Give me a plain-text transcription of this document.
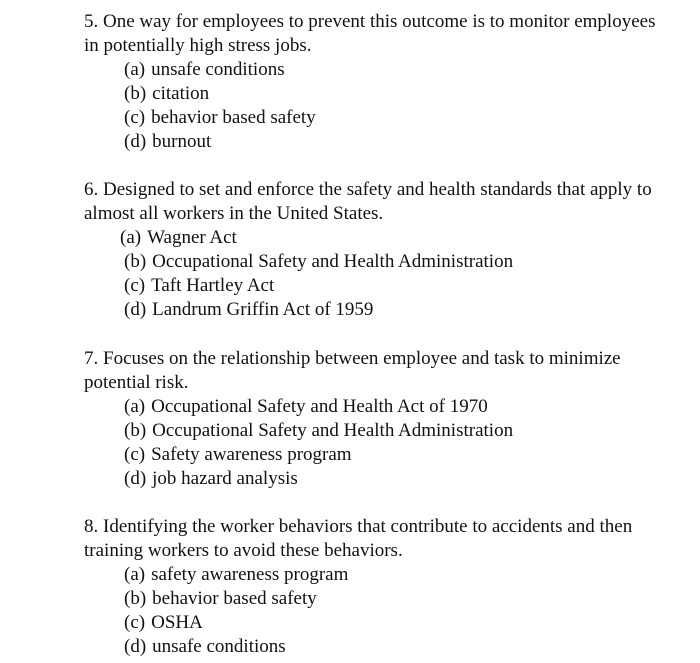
5. One way for employees to prevent this outcome is to monitor employees in potentially high stress jobs.

(a) unsafe conditions
(b) citation
(c) behavior based safety
(d) burnout

6. Designed to set and enforce the safety and health standards that apply to almost all workers in the United States.

(a) Wagner Act
(b) Occupational Safety and Health Administration
(c) Taft Hartley Act
(d) Landrum Griffin Act of 1959

7. Focuses on the relationship between employee and task to minimize potential risk.

(a) Occupational Safety and Health Act of 1970
(b) Occupational Safety and Health Administration
(c) Safety awareness program
(d) job hazard analysis

8. Identifying the worker behaviors that contribute to accidents and then training workers to avoid these behaviors.

(a) safety awareness program
(b) behavior based safety
(c) OSHA
(d) unsafe conditions
